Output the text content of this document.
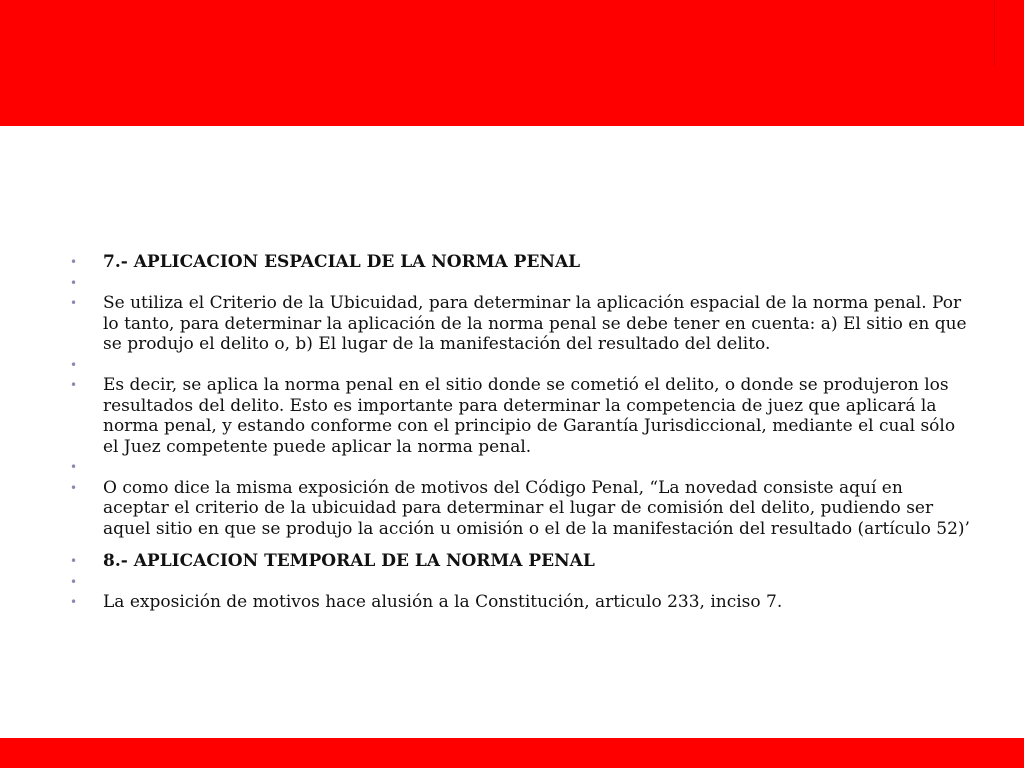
• 7.- APLICACION ESPACIAL DE LA NORMA PENAL
•
• Se utiliza el Criterio de la Ubicuidad, para determinar la aplicación espacial de la norma penal. Por lo tanto, para determinar la aplicación de la norma penal se debe tener en cuenta: a) El sitio en que se produjo el delito o, b) El lugar de la manifestación del resultado del delito.
•
• Es decir, se aplica la norma penal en el sitio donde se cometió el delito, o donde se produjeron los resultados del delito. Esto es importante para determinar la competencia de juez que aplicará la norma penal, y estando conforme con el principio de Garantía Jurisdiccional, mediante el cual sólo el Juez competente puede aplicar la norma penal.
•
• O como dice la misma exposición de motivos del Código Penal, “La novedad consiste aquí en aceptar el criterio de la ubicuidad para determinar el lugar de comisión del delito, pudiendo ser aquel sitio en que se produjo la acción u omisión o el de la manifestación del resultado (artículo 52)’
• 8.- APLICACION TEMPORAL DE LA NORMA PENAL
•
• La exposición de motivos hace alusión a la Constitución, articulo 233, inciso 7.
